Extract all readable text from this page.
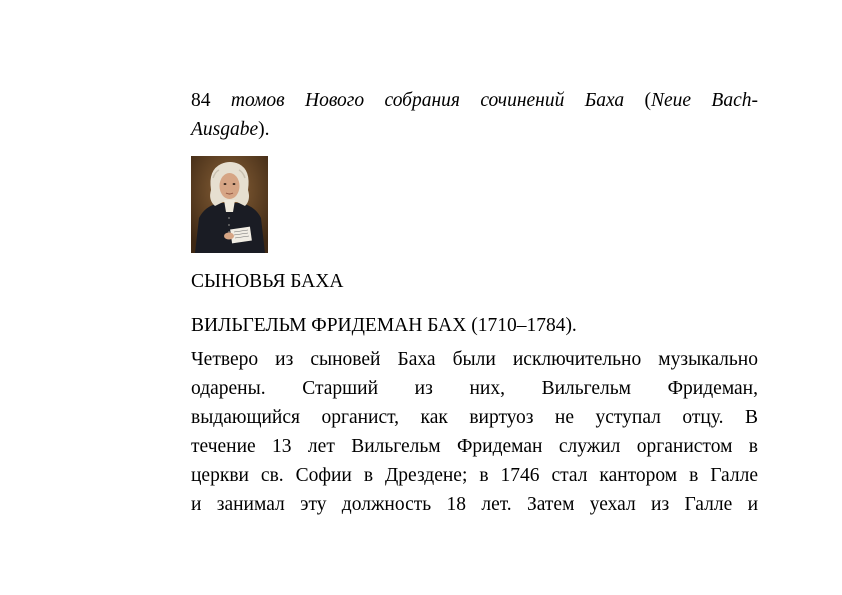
84 томов Нового собрания сочинений Баха (Neue Bach-
Ausgabe).
СЫНОВЬЯ БАХА
ВИЛЬГЕЛЬМ ФРИДЕМАН БАХ (1710–1784).
Четверо из сыновей Баха были исключительно музыкально
одарены. Старший из них, Вильгельм Фридеман,
выдающийся органист, как виртуоз не уступал отцу. В
течение 13 лет Вильгельм Фридеман служил органистом в
церкви св. Софии в Дрездене; в 1746 стал кантором в Галле
и занимал эту должность 18 лет. Затем уехал из Галле и
